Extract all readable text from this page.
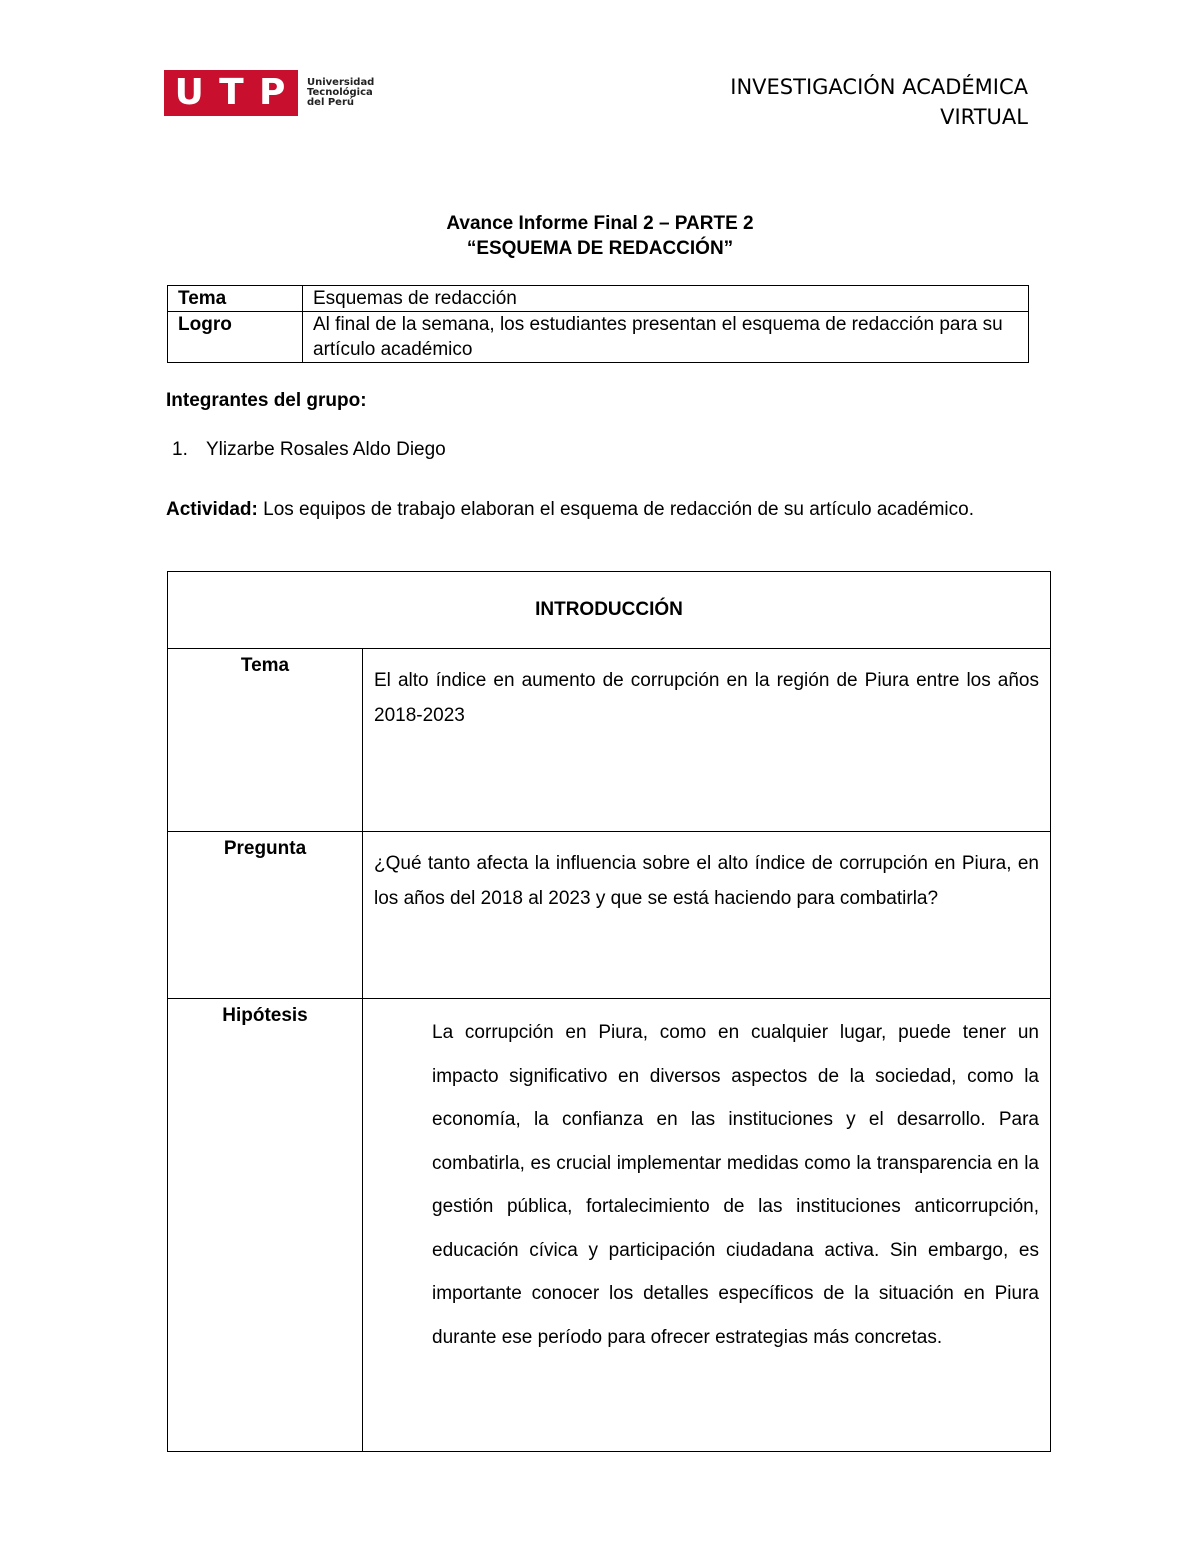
U T P Universidad
Tecnológica
del Perú
INVESTIGACIÓN ACADÉMICA
VIRTUAL
Avance Informe Final 2 – PARTE 2
“ESQUEMA DE REDACCIÓN”
Tema	Esquemas de redacción
Logro	Al final de la semana, los estudiantes presentan el esquema de redacción para su artículo académico
Integrantes del grupo:
1. Ylizarbe Rosales Aldo Diego
Actividad: Los equipos de trabajo elaboran el esquema de redacción de su artículo académico.
INTRODUCCIÓN	
Tema	El alto índice en aumento de corrupción en la región de Piura entre los años 2018-2023
Pregunta	¿Qué tanto afecta la influencia sobre el alto índice de corrupción en Piura, en los años del 2018 al 2023 y que se está haciendo para combatirla?
Hipótesis	La corrupción en Piura, como en cualquier lugar, puede tener un impacto significativo en diversos aspectos de la sociedad, como la economía, la confianza en las instituciones y el desarrollo. Para combatirla, es crucial implementar medidas como la transparencia en la gestión pública, fortalecimiento de las instituciones anticorrupción, educación cívica y participación ciudadana activa. Sin embargo, es importante conocer los detalles específicos de la situación en Piura durante ese período para ofrecer estrategias más concretas.
